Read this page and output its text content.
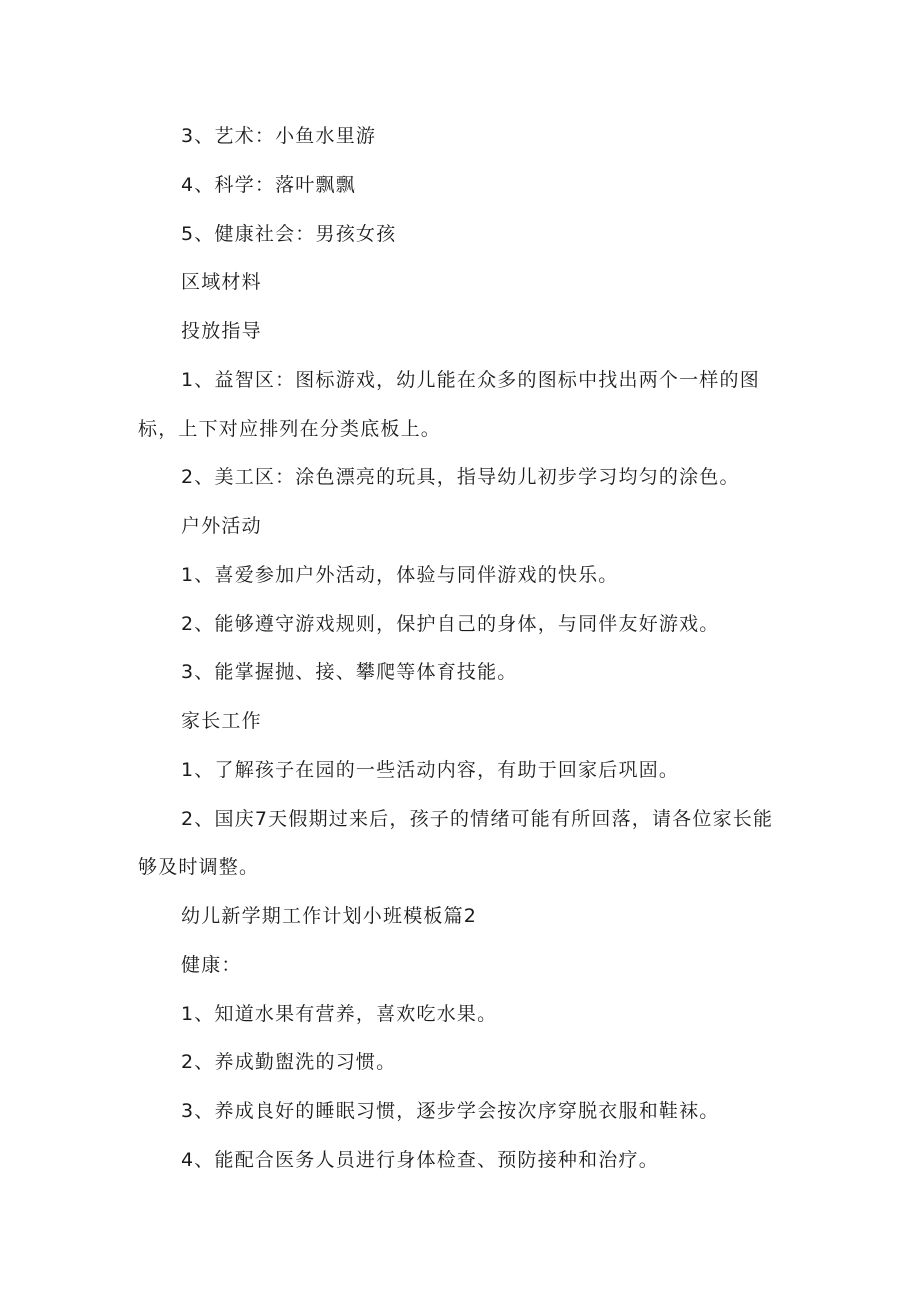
3、艺术：小鱼水里游

4、科学：落叶飘飘

5、健康社会：男孩女孩

区域材料

投放指导

1、益智区：图标游戏，幼儿能在众多的图标中找出两个一样的图

标，上下对应排列在分类底板上。

2、美工区：涂色漂亮的玩具，指导幼儿初步学习均匀的涂色。

户外活动

1、喜爱参加户外活动，体验与同伴游戏的快乐。

2、能够遵守游戏规则，保护自己的身体，与同伴友好游戏。

3、能掌握抛、接、攀爬等体育技能。

家长工作

1、了解孩子在园的一些活动内容，有助于回家后巩固。

2、国庆7天假期过来后，孩子的情绪可能有所回落，请各位家长能

够及时调整。

幼儿新学期工作计划小班模板篇2

健康：

1、知道水果有营养，喜欢吃水果。

2、养成勤盥洗的习惯。

3、养成良好的睡眠习惯，逐步学会按次序穿脱衣服和鞋袜。

4、能配合医务人员进行身体检查、预防接种和治疗。
